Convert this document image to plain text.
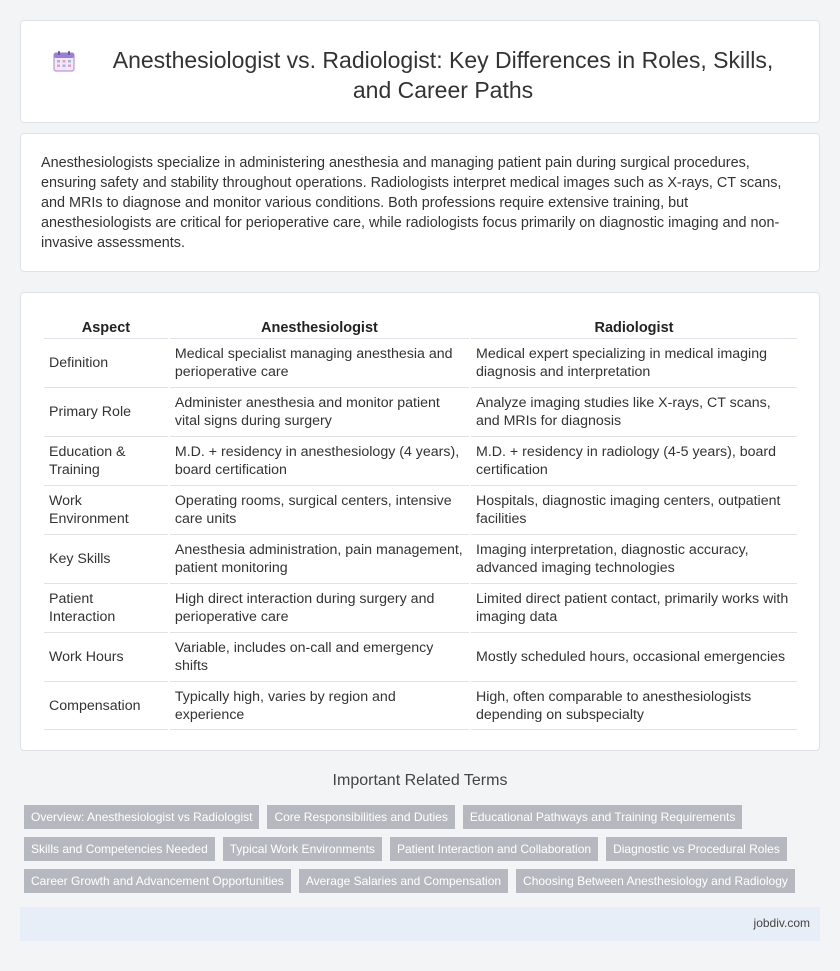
Anesthesiologist vs. Radiologist: Key Differences in Roles, Skills, and Career Paths

Anesthesiologists specialize in administering anesthesia and managing patient pain during surgical procedures, ensuring safety and stability throughout operations. Radiologists interpret medical images such as X-rays, CT scans, and MRIs to diagnose and monitor various conditions. Both professions require extensive training, but anesthesiologists are critical for perioperative care, while radiologists focus primarily on diagnostic imaging and non-invasive assessments.

Aspect	Anesthesiologist	Radiologist
Definition	Medical specialist managing anesthesia and perioperative care	Medical expert specializing in medical imaging diagnosis and interpretation
Primary Role	Administer anesthesia and monitor patient vital signs during surgery	Analyze imaging studies like X-rays, CT scans, and MRIs for diagnosis
Education & Training	M.D. + residency in anesthesiology (4 years), board certification	M.D. + residency in radiology (4-5 years), board certification
Work Environment	Operating rooms, surgical centers, intensive care units	Hospitals, diagnostic imaging centers, outpatient facilities
Key Skills	Anesthesia administration, pain management, patient monitoring	Imaging interpretation, diagnostic accuracy, advanced imaging technologies
Patient Interaction	High direct interaction during surgery and perioperative care	Limited direct patient contact, primarily works with imaging data
Work Hours	Variable, includes on-call and emergency shifts	Mostly scheduled hours, occasional emergencies
Compensation	Typically high, varies by region and experience	High, often comparable to anesthesiologists depending on subspecialty
Important Related Terms
Overview: Anesthesiologist vs Radiologist	Core Responsibilities and Duties	Educational Pathways and Training Requirements
Skills and Competencies Needed	Typical Work Environments	Patient Interaction and Collaboration	Diagnostic vs Procedural Roles
Career Growth and Advancement Opportunities	Average Salaries and Compensation	Choosing Between Anesthesiology and Radiology
jobdiv.com
